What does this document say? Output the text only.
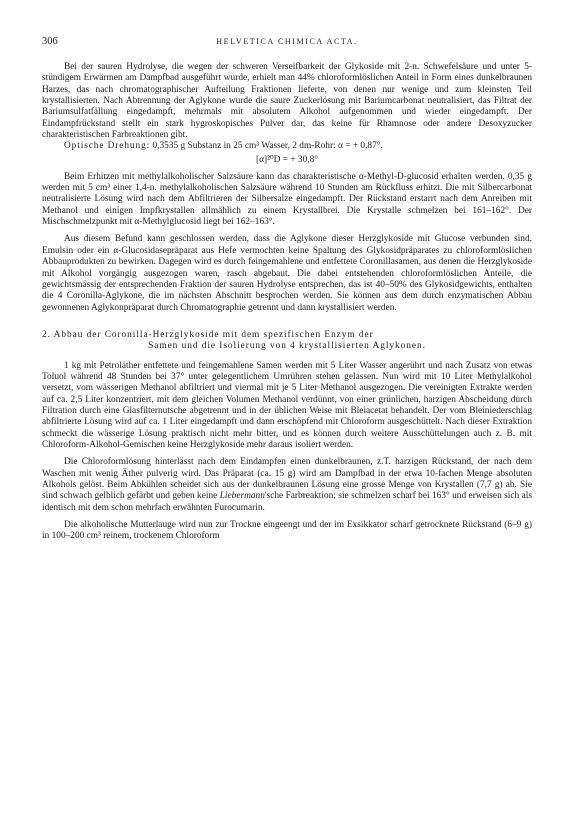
306	HELVETICA CHIMICA ACTA.

Bei der sauren Hydrolyse, die wegen der schweren Verseifbarkeit der Glykoside mit 2-n. Schwefelsäure und unter 5-stündigem Erwärmen am Dampfbad ausgeführt wurde, erhielt man 44% chloroformlöslichen Anteil in Form eines dunkelbraunen Harzes, das nach chromatographischer Aufteilung Fraktionen lieferte, von denen nur wenige und zum kleinsten Teil krystallisierten. Nach Abtrennung der Aglykone wurde die saure Zuckerlösung mit Bariumcarbonat neutralisiert, das Filtrat der Bariumsulfatfällung eingedampft, mehrmals mit absolutem Alkohol aufgenommen und wieder eingedampft. Der Eindampfrückstand stellt ein stark hygroskopisches Pulver dar, das keine für Rhamnose oder andere Desoxyzucker charakteristischen Farbreaktionen gibt.

Optische Drehung: 0,3535 g Substanz in 25 cm³ Wasser, 2 dm-Rohr: α = + 0,87°.

[α]²⁰D = + 30,8°

Beim Erhitzen mit methylalkoholischer Salzsäure kann das charakteristische α-Methyl-D-glucosid erhalten werden. 0,35 g werden mit 5 cm³ einer 1,4-n. methylalkoholischen Salzsäure während 10 Stunden am Rückfluss erhitzt. Die mit Silbercarbonat neutralisierte Lösung wird nach dem Abfiltrieren der Silbersalze eingedampft. Der Rückstand erstarrt nach dem Anreiben mit Methanol und einigen Impfkrystallen allmählich zu einem Krystallbrei. Die Krystalle schmelzen bei 161–162°. Der Mischschmelzpunkt mit α-Methylglucosid liegt bei 162–163°.

Aus diesem Befund kann geschlossen werden, dass die Aglykone dieser Herzglykoside mit Glucose verbunden sind. Emulsin oder ein α-Glucosidasepräparat aus Hefe vermochten keine Spaltung des Glykosidpräparates zu chloroformlöslichen Abbauprodukten zu bewirken. Dagegen wird es durch feingemahlene und entfettete Coronillasamen, aus denen die Herzglykoside mit Alkohol vorgängig ausgezogen waren, rasch abgebaut. Die dabei entstehenden chloroformlöslichen Anteile, die gewichtsmässig der entsprechenden Fraktion der sauren Hydrolyse entsprechen, das ist 40–50% des Glykosidgewichts, enthalten die 4 Coronilla-Aglykone, die im nächsten Abschnitt besprochen werden. Sie können aus dem durch enzymatischen Abbau gewonnenen Aglykonpräparat durch Chromatographie getrennt und dann krystallisiert werden.

2. Abbau der Coronilla-Herzglykoside mit dem spezifischen Enzym der
Samen und die Isolierung von 4 krystallisierten Aglykonen.

1 kg mit Petroläther entfettete und feingemahlene Samen werden mit 5 Liter Wasser angerührt und nach Zusatz von etwas Toluol während 48 Stunden bei 37° unter gelegentlichem Umrühren stehen gelassen. Nun wird mit 10 Liter Methylalkohol versetzt, vom wässerigen Methanol abfiltriert und viermal mit je 5 Liter Methanol ausgezogen. Die vereinigten Extrakte werden auf ca. 2,5 Liter konzentriert, mit dem gleichen Volumen Methanol verdünnt, von einer grünlichen, harzigen Abscheidung durch Filtration durch eine Glasfilternutsche abgetrennt und in der üblichen Weise mit Bleiacetat behandelt. Der vom Bleiniederschlag abfiltrierte Lösung wird auf ca. 1 Liter eingedampft und dann erschöpfend mit Chloroform ausgeschüttelt. Nach dieser Extraktion schmeckt die wässerige Lösung praktisch nicht mehr bitter, und es können durch weitere Ausschüttelungen auch z. B. mit Chloroform-Alkohol-Gemischen keine Herzglykoside mehr daraus isoliert werden.

Die Chloroformlösung hinterlässt nach dem Eindampfen einen dunkelbraunen, z.T. harzigen Rückstand, der nach dem Waschen mit wenig Äther pulverig wird. Das Präparat (ca. 15 g) wird am Dampfbad in der etwa 10-fachen Menge absoluten Alkohols gelöst. Beim Abkühlen scheidet sich aus der dunkelbraunen Lösung eine grosse Menge von Krystallen (7,7 g) ab. Sie sind schwach gelblich gefärbt und geben keine Liebermann'sche Farbreaktion; sie schmelzen scharf bei 163° und erweisen sich als identisch mit dem schon mehrfach erwähnten Furocumarin.

Die alkoholische Mutterlauge wird nun zur Trockne eingeengt und der im Exsikkator scharf getrocknete Rückstand (6–9 g) in 100–200 cm³ reinem, trockenem Chloroform
